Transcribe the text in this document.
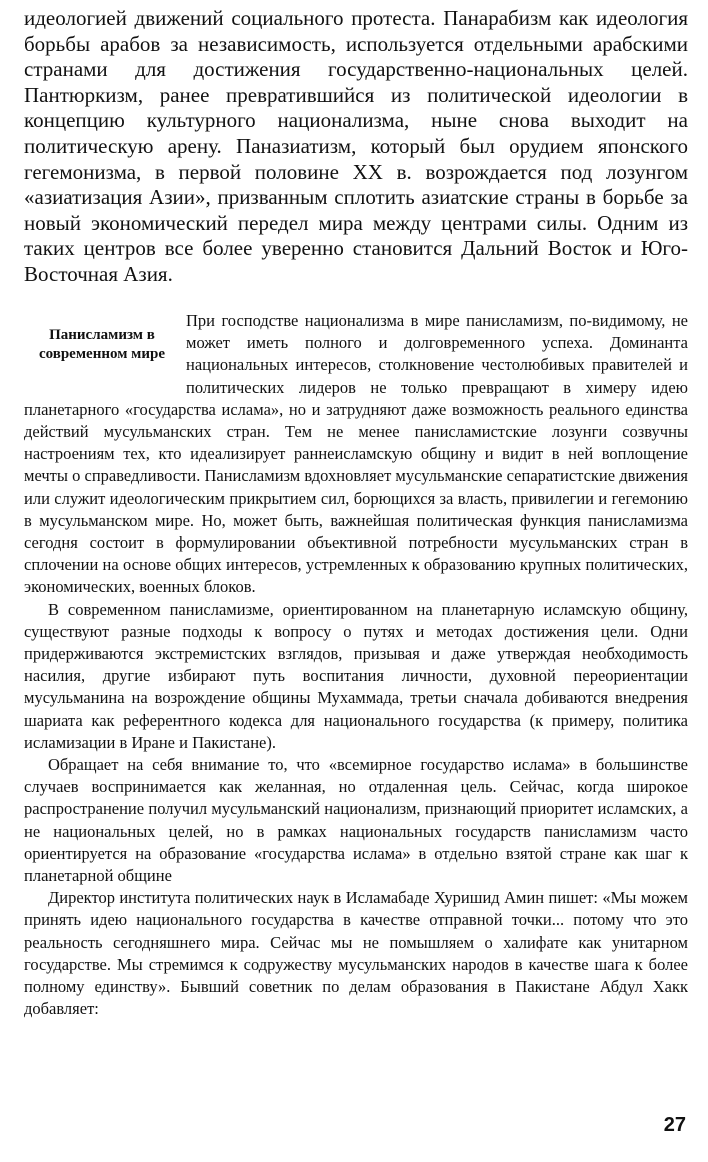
идеологией движений социального протеста. Панарабизм как идеология борьбы арабов за независимость, используется отдельными арабскими странами для достижения государственно-национальных целей. Пантюркизм, ранее превратившийся из политической идеологии в концепцию культурного национализма, ныне снова выходит на политическую арену. Паназиатизм, который был орудием японского гегемонизма, в первой половине XX в. возрождается под лозунгом «азиатизация Азии», призванным сплотить азиатские страны в борьбе за новый экономический передел мира между центрами силы. Одним из таких центров все более уверенно становится Дальний Восток и Юго-Восточная Азия.

Панисламизм в современном мире

При господстве национализма в мире панисламизм, по-видимому, не может иметь полного и долговременного успеха. Доминанта национальных интересов, столкновение честолюбивых правителей и политических лидеров не только превращают в химеру идею планетарного «государства ислама», но и затрудняют даже возможность реального единства действий мусульманских стран. Тем не менее панисламистские лозунги созвучны настроениям тех, кто идеализирует раннеисламскую общину и видит в ней воплощение мечты о справедливости. Панисламизм вдохновляет мусульманские сепаратистские движения или служит идеологическим прикрытием сил, борющихся за власть, привилегии и гегемонию в мусульманском мире. Но, может быть, важнейшая политическая функция панисламизма сегодня состоит в формулировании объективной потребности мусульманских стран в сплочении на основе общих интересов, устремленных к образованию крупных политических, экономических, военных блоков.

В современном панисламизме, ориентированном на планетарную исламскую общину, существуют разные подходы к вопросу о путях и методах достижения цели. Одни придерживаются экстремистских взглядов, призывая и даже утверждая необходимость насилия, другие избирают путь воспитания личности, духовной переориентации мусульманина на возрождение общины Мухаммада, третьи сначала добиваются внедрения шариата как референтного кодекса для национального государства (к примеру, политика исламизации в Иране и Пакистане).

Обращает на себя внимание то, что «всемирное государство ислама» в большинстве случаев воспринимается как желанная, но отдаленная цель. Сейчас, когда широкое распространение получил мусульманский национализм, признающий приоритет исламских, а не национальных целей, но в рамках национальных государств панисламизм часто ориентируется на образование «государства ислама» в отдельно взятой стране как шаг к планетарной общине

Директор института политических наук в Исламабаде Хуришид Амин пишет: «Мы можем принять идею национального государства в качестве отправной точки... потому что это реальность сегодняшнего мира. Сейчас мы не помышляем о халифате как унитарном государстве. Мы стремимся к содружеству мусульманских народов в качестве шага к более полному единству». Бывший советник по делам образования в Пакистане Абдул Хакк добавляет:

27
